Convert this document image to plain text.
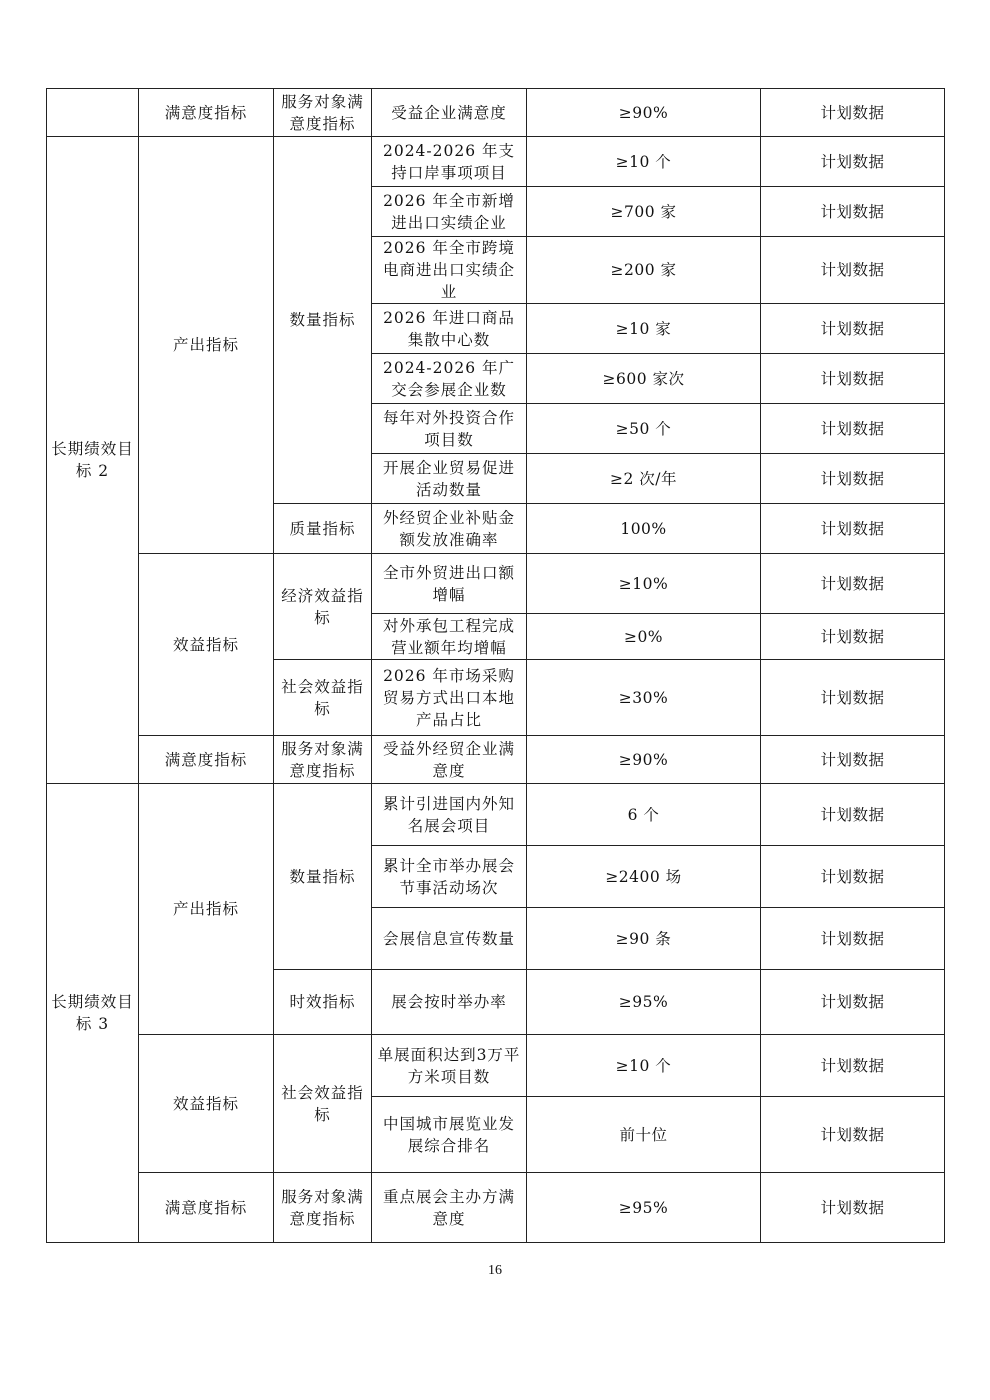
	满意度指标	服务对象满意度指标	受益企业满意度	≥90%	计划数据
长期绩效目标 2	产出指标	数量指标	2024-2026 年支持口岸事项项目	≥10 个	计划数据
			2026 年全市新增进出口实绩企业	≥700 家	计划数据
			2026 年全市跨境电商进出口实绩企业	≥200 家	计划数据
			2026 年进口商品集散中心数	≥10 家	计划数据
			2024-2026 年广交会参展企业数	≥600 家次	计划数据
			每年对外投资合作项目数	≥50 个	计划数据
			开展企业贸易促进活动数量	≥2 次/年	计划数据
		质量指标	外经贸企业补贴金额发放准确率	100%	计划数据
	效益指标	经济效益指标	全市外贸进出口额增幅	≥10%	计划数据
			对外承包工程完成营业额年均增幅	≥0%	计划数据
		社会效益指标	2026 年市场采购贸易方式出口本地产品占比	≥30%	计划数据
	满意度指标	服务对象满意度指标	受益外经贸企业满意度	≥90%	计划数据
长期绩效目标 3	产出指标	数量指标	累计引进国内外知名展会项目	6 个	计划数据
			累计全市举办展会节事活动场次	≥2400 场	计划数据
			会展信息宣传数量	≥90 条	计划数据
		时效指标	展会按时举办率	≥95%	计划数据
	效益指标	社会效益指标	单展面积达到3万平方米项目数	≥10 个	计划数据
			中国城市展览业发展综合排名	前十位	计划数据
	满意度指标	服务对象满意度指标	重点展会主办方满意度	≥95%	计划数据
16
